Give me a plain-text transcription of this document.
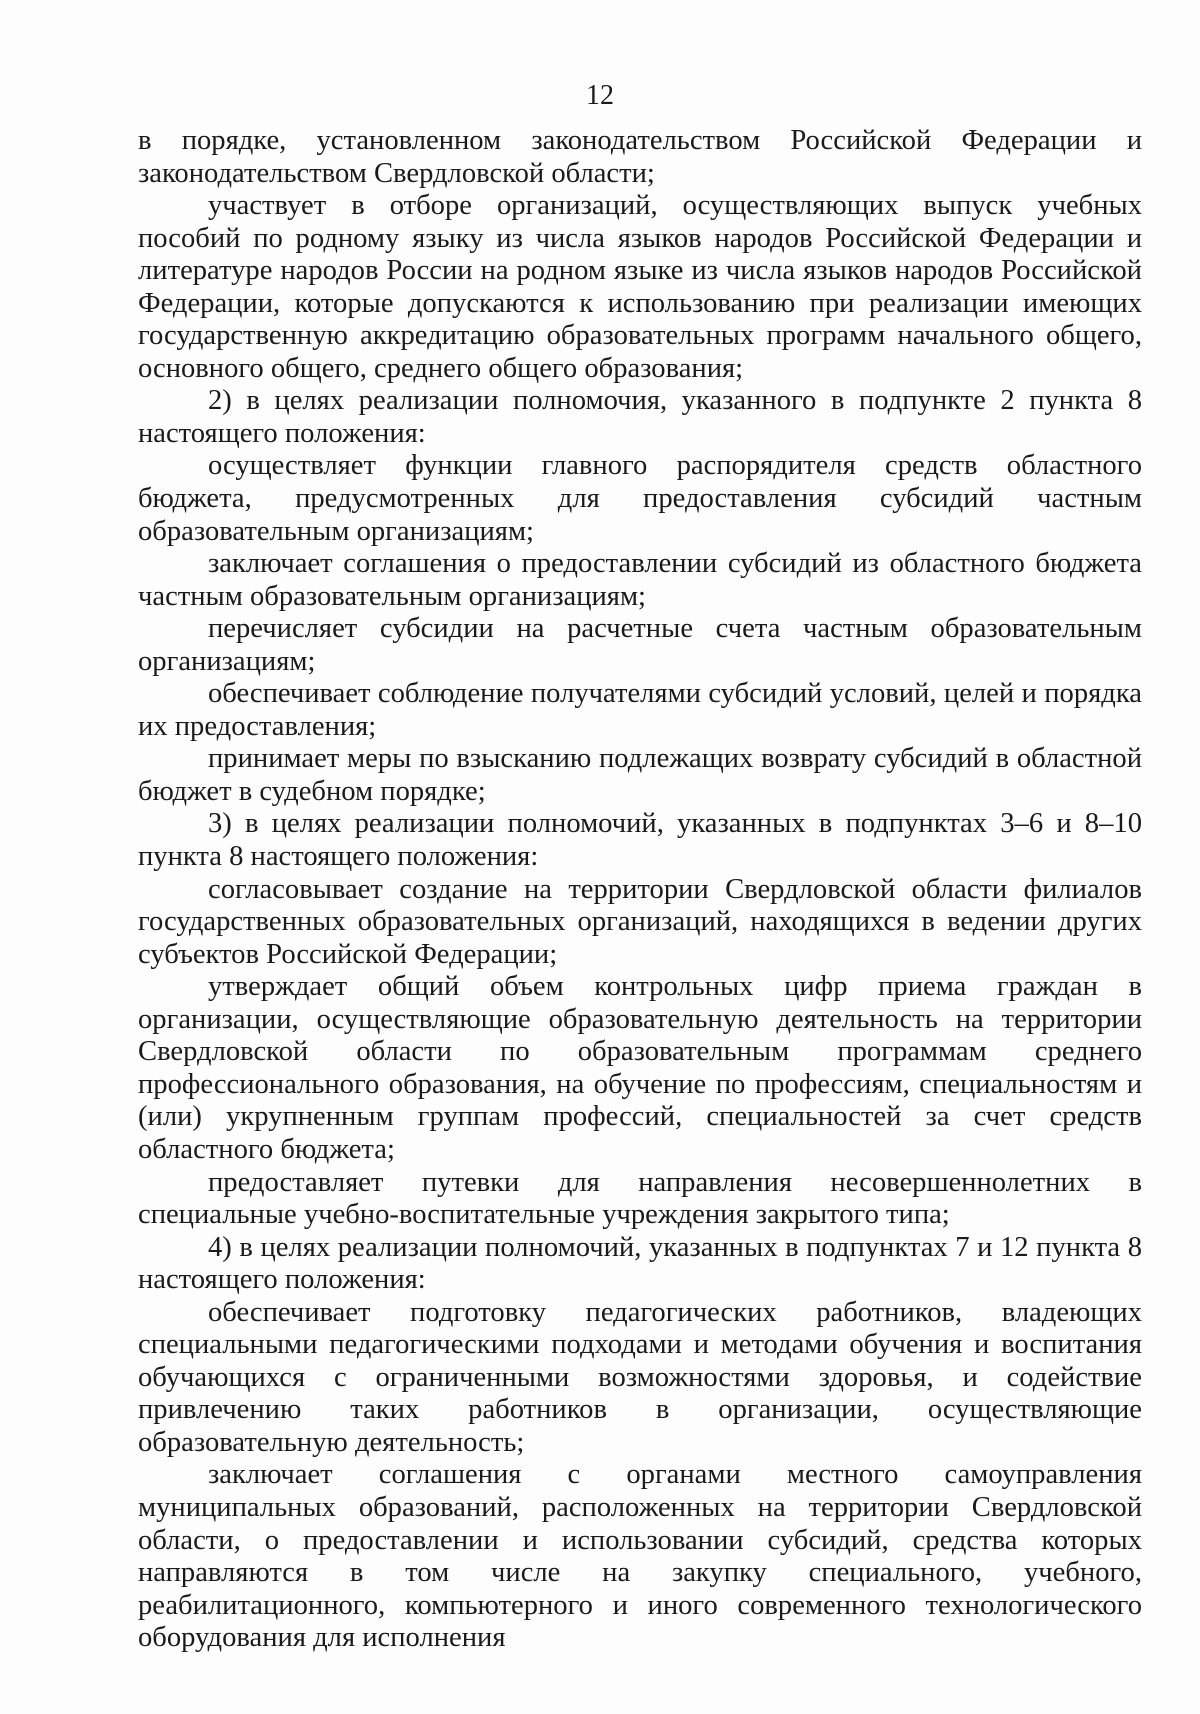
12

в порядке, установленном законодательством Российской Федерации и законодательством Свердловской области;

участвует в отборе организаций, осуществляющих выпуск учебных пособий по родному языку из числа языков народов Российской Федерации и литературе народов России на родном языке из числа языков народов Российской Федерации, которые допускаются к использованию при реализации имеющих государственную аккредитацию образовательных программ начального общего, основного общего, среднего общего образования;

2) в целях реализации полномочия, указанного в подпункте 2 пункта 8 настоящего положения:

осуществляет функции главного распорядителя средств областного бюджета, предусмотренных для предоставления субсидий частным образовательным организациям;

заключает соглашения о предоставлении субсидий из областного бюджета частным образовательным организациям;

перечисляет субсидии на расчетные счета частным образовательным организациям;

обеспечивает соблюдение получателями субсидий условий, целей и порядка их предоставления;

принимает меры по взысканию подлежащих возврату субсидий в областной бюджет в судебном порядке;

3) в целях реализации полномочий, указанных в подпунктах 3–6 и 8–10 пункта 8 настоящего положения:

согласовывает создание на территории Свердловской области филиалов государственных образовательных организаций, находящихся в ведении других субъектов Российской Федерации;

утверждает общий объем контрольных цифр приема граждан в организации, осуществляющие образовательную деятельность на территории Свердловской области по образовательным программам среднего профессионального образования, на обучение по профессиям, специальностям и (или) укрупненным группам профессий, специальностей за счет средств областного бюджета;

предоставляет путевки для направления несовершеннолетних в специальные учебно-воспитательные учреждения закрытого типа;

4) в целях реализации полномочий, указанных в подпунктах 7 и 12 пункта 8 настоящего положения:

обеспечивает подготовку педагогических работников, владеющих специальными педагогическими подходами и методами обучения и воспитания обучающихся с ограниченными возможностями здоровья, и содействие привлечению таких работников в организации, осуществляющие образовательную деятельность;

заключает соглашения с органами местного самоуправления муниципальных образований, расположенных на территории Свердловской области, о предоставлении и использовании субсидий, средства которых направляются в том числе на закупку специального, учебного, реабилитационного, компьютерного и иного современного технологического оборудования для исполнения
